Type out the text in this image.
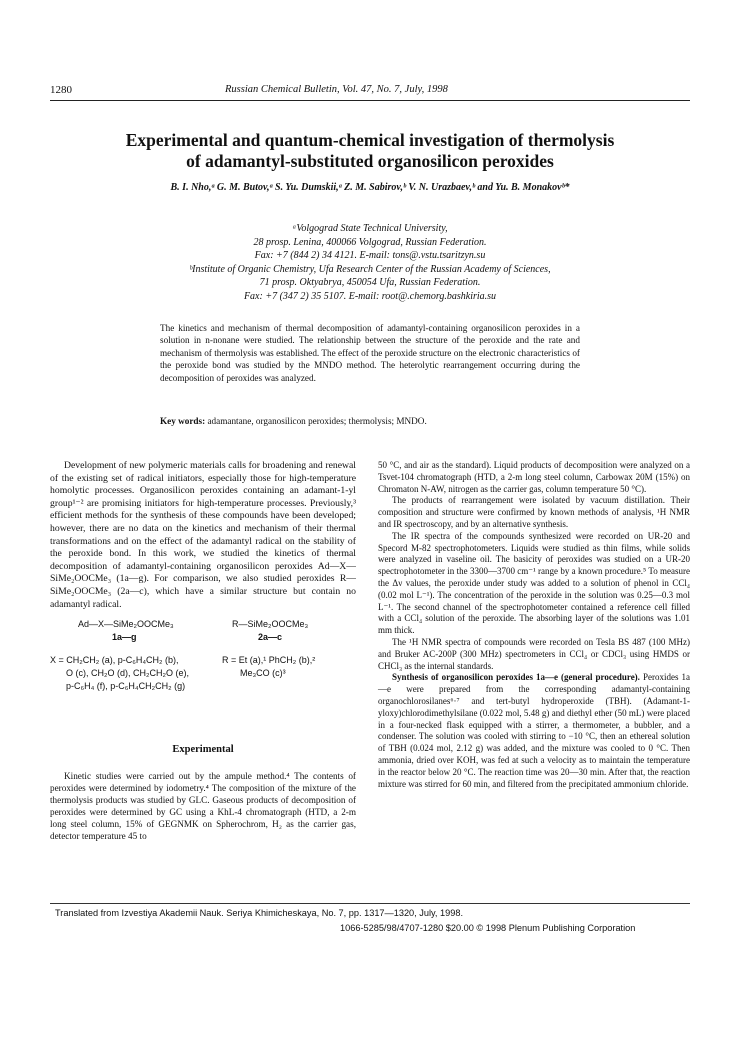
1280	Russian Chemical Bulletin, Vol. 47, No. 7, July, 1998
Experimental and quantum-chemical investigation of thermolysis
of adamantyl-substituted organosilicon peroxides
B. I. Nho,ᵃ G. M. Butov,ᵃ S. Yu. Dumskii,ᵃ Z. M. Sabirov,ᵇ V. N. Urazbaev,ᵇ and Yu. B. Monakovᵇ*
ᵃVolgograd State Technical University,
28 prosp. Lenina, 400066 Volgograd, Russian Federation.
Fax: +7 (844 2) 34 4121. E-mail: tons@.vstu.tsaritzyn.su
ᵇInstitute of Organic Chemistry, Ufa Research Center of the Russian Academy of Sciences,
71 prosp. Oktyabrya, 450054 Ufa, Russian Federation.
Fax: +7 (347 2) 35 5107. E-mail: root@.chemorg.bashkiria.su
The kinetics and mechanism of thermal decomposition of adamantyl-containing organosilicon peroxides in a solution in n-nonane were studied. The relationship between the structure of the peroxide and the rate and mechanism of thermolysis was established. The effect of the peroxide structure on the electronic characteristics of the peroxide bond was studied by the MNDO method. The heterolytic rearrangement occurring during the decomposition of peroxides was analyzed.
Key words: adamantane, organosilicon peroxides; thermolysis; MNDO.

Development of new polymeric materials calls for broadening and renewal of the existing set of radical initiators, especially those for high-temperature homolytic processes. Organosilicon peroxides containing an adamant-1-yl group¹⁻² are promising initiators for high-temperature processes. Previously,³ efficient methods for the synthesis of these compounds have been developed; however, there are no data on the kinetics and mechanism of their thermal transformations and on the effect of the adamantyl radical on the stability of the peroxide bond. In this work, we studied the kinetics of thermal decomposition of adamantyl-containing organosilicon peroxides Ad—X—SiMe₂OOCMe₃ (1a—g). For comparison, we also studied peroxides R—SiMe₂OOCMe₃ (2a—c), which have a similar structure but contain no adamantyl radical.

Ad—X—SiMe₂OOCMe₃
1a—g
R—SiMe₂OOCMe₃
2a—c
X = CH₂CH₂ (a), p-C₆H₄CH₂ (b),
O (c), CH₂O (d), CH₂CH₂O (e),
p-C₆H₄ (f), p-C₆H₄CH₂CH₂ (g)
R = Et (a),¹ PhCH₂ (b),²
Me₃CO (c)³
Experimental

Kinetic studies were carried out by the ampule method.⁴ The contents of peroxides were determined by iodometry.⁴ The composition of the mixture of the thermolysis products was studied by GLC. Gaseous products of decomposition of peroxides were determined by GC using a KhL-4 chromatograph (HTD, a 2-m long steel column, 15% of GEGNMK on Spherochrom, H₂ as the carrier gas, detector temperature 45 to

50 °C, and air as the standard). Liquid products of decomposition were analyzed on a Tsvet-104 chromatograph (HTD, a 2-m long steel column, Carbowax 20M (15%) on Chromaton N-AW, nitrogen as the carrier gas, column temperature 50 °C).

The products of rearrangement were isolated by vacuum distillation. Their composition and structure were confirmed by known methods of analysis, ¹H NMR and IR spectroscopy, and by an alternative synthesis.

The IR spectra of the compounds synthesized were recorded on UR-20 and Specord M-82 spectrophotometers. Liquids were studied as thin films, while solids were analyzed in vaseline oil. The basicity of peroxides was studied on a UR-20 spectrophotometer in the 3300—3700 cm⁻¹ range by a known procedure.⁵ To measure the Δν values, the peroxide under study was added to a solution of phenol in CCl₄ (0.02 mol L⁻¹). The concentration of the peroxide in the solution was 0.25—0.3 mol L⁻¹. The second channel of the spectrophotometer contained a reference cell filled with a CCl₄ solution of the peroxide. The absorbing layer of the solutions was 1.01 mm thick.

The ¹H NMR spectra of compounds were recorded on Tesla BS 487 (100 MHz) and Bruker AC-200P (300 MHz) spectrometers in CCl₄ or CDCl₃ using HMDS or CHCl₃ as the internal standards.

Synthesis of organosilicon peroxides 1a—e (general procedure). Peroxides 1a—e were prepared from the corresponding adamantyl-containing organochlorosilanes⁶·⁷ and tert-butyl hydroperoxide (TBH). (Adamant-1-yloxy)chlorodimethylsilane (0.022 mol, 5.48 g) and diethyl ether (50 mL) were placed in a four-necked flask equipped with a stirrer, a thermometer, a bubbler, and a condenser. The solution was cooled with stirring to −10 °C, then an ethereal solution of TBH (0.024 mol, 2.12 g) was added, and the mixture was cooled to 0 °C. Then ammonia, dried over KOH, was fed at such a velocity as to maintain the temperature in the reactor below 20 °C. The reaction time was 20—30 min. After that, the reaction mixture was stirred for 60 min, and filtered from the precipitated ammonium chloride.

Translated from Izvestiya Akademii Nauk. Seriya Khimicheskaya, No. 7, pp. 1317—1320, July, 1998.
1066-5285/98/4707-1280 $20.00 © 1998 Plenum Publishing Corporation
